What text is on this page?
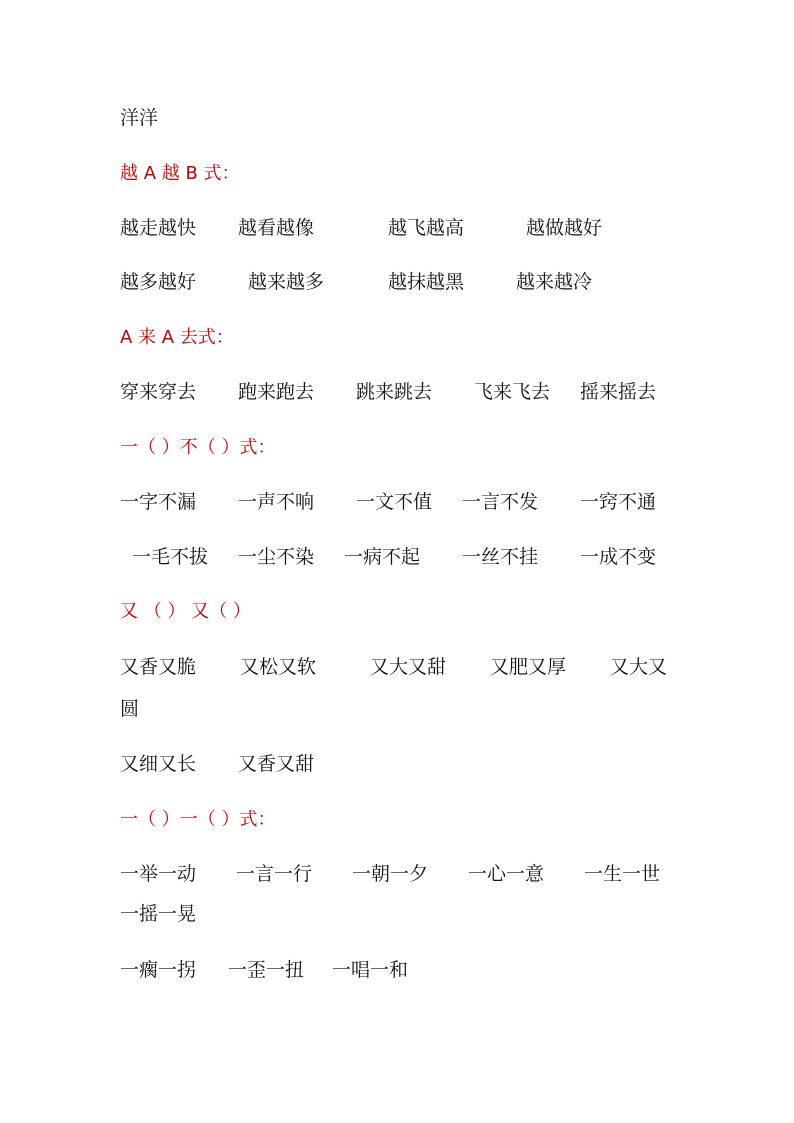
洋洋
越 A 越 B 式：
越走越快 越看越像	越飞越高	越做越好
越多越好	越来越多	越抹越黑	越来越冷
A 来 A 去式：
穿来穿去 跑来跑去 跳来跳去 飞来飞去 摇来摇去
一（ ）不（ ）式：
一字不漏 一声不响 一文不值 一言不发 一窍不通
一毛不拔 一尘不染 一病不起 一丝不挂 一成不变
又 （ ） 又（ ）
又香又脆 又松又软	又大又甜 又肥又厚 又大又
圆
又细又长 又香又甜
一（ ）一（ ）式：
一举一动 一言一行 一朝一夕 一心一意 一生一世
一摇一晃
一瘸一拐 一歪一扭 一唱一和
